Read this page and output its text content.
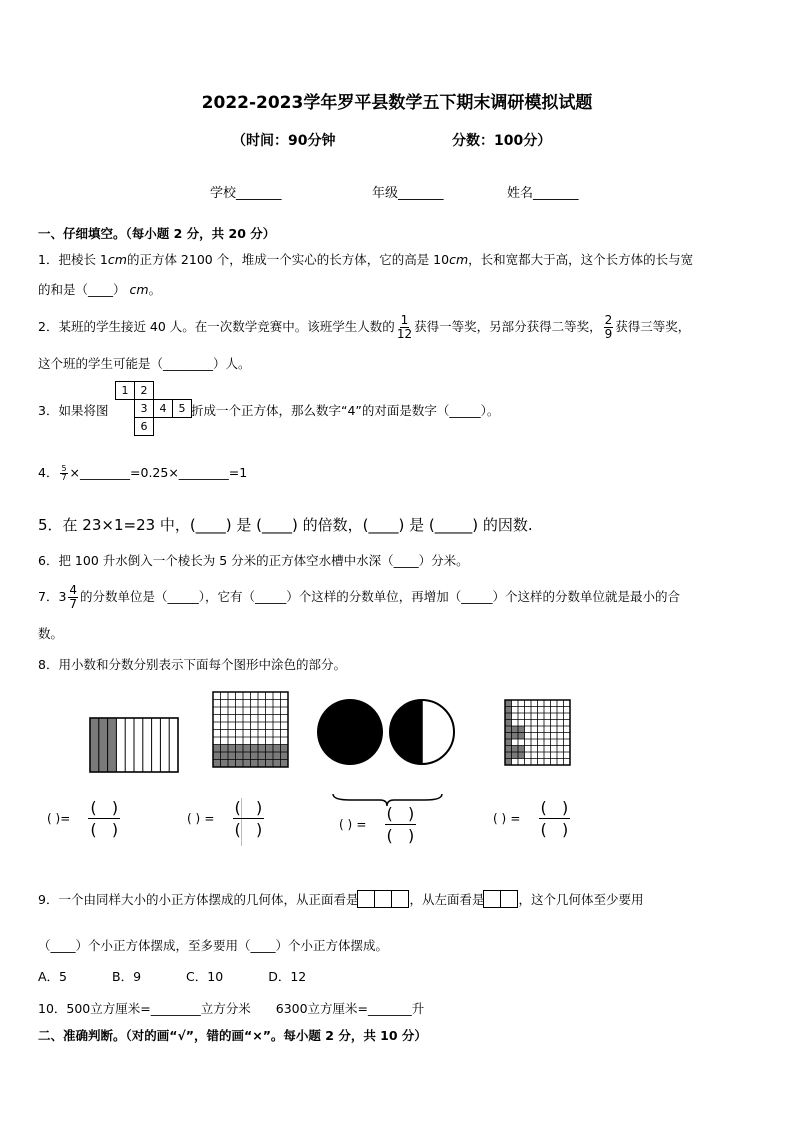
2022-2023学年罗平县数学五下期末调研模拟试题
（时间：90分钟	分数：100分）
学校_______	年级_______	姓名_______
一、仔细填空。（每小题 2 分，共 20 分）
1．把棱长 1cm的正方体 2100 个，堆成一个实心的长方体，它的高是 10cm，长和宽都大于高，这个长方体的长与宽
的和是（____） cm。
2．某班的学生接近 40 人。在一次数学竞赛中。该班学生人数的 $\frac{1}{12}$ 获得一等奖，另部分获得二等奖， $\frac{2}{9}$ 获得三等奖，
这个班的学生可能是（________）人。
3．如果将图
1	2		
	3	4	5
	6		
折成一个正方体，那么数字“4”的对面是数字（_____）。
4． $\frac{5}{7}$ ×________=0.25×________=1
5．在 23×1=23 中，(____) 是 (____) 的倍数，(____) 是 (_____) 的因数.
6．把 100 升水倒入一个棱长为 5 分米的正方体空水槽中水深（____）分米。
7．$3 \frac{4}{7}$ 的分数单位是（_____），它有（_____）个这样的分数单位，再增加（_____）个这样的分数单位就是最小的合
数。
8．用小数和分数分别表示下面每个图形中涂色的部分。
( )=
(   )
(   )
( ) =
(   )
(   )	( ) =
(   )
(   )
( ) =
(   )
(   )
9．一个由同样大小的小正方体摆成的几何体，从正面看是	，从左面看是	，这个几何体至少要用
（____）个小正方体摆成，至多要用（____）个小正方体摆成。
A．5	B．9	C．10	D．12
10．500立方厘米=________立方分米　　6300立方厘米=_______升
二、准确判断。（对的画“√”，错的画“×”。每小题 2 分，共 10 分）
